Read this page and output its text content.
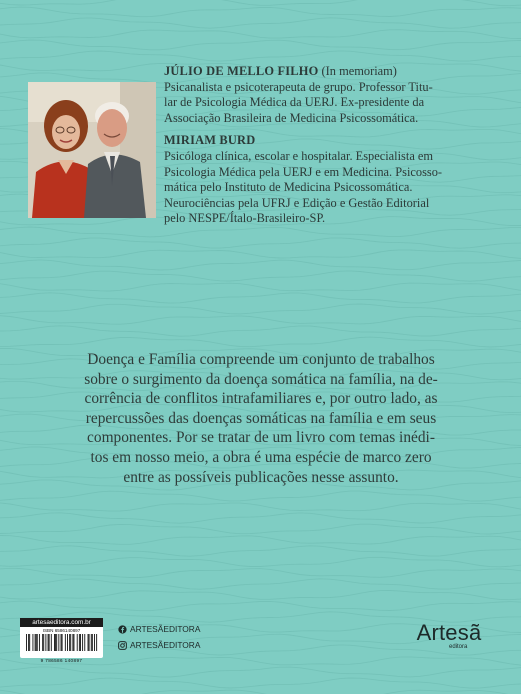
JÚLIO DE MELLO FILHO (In memoriam)

Psicanalista e psicoterapeuta de grupo. Professor Titu-

lar de Psicologia Médica da UERJ. Ex-presidente da

Associação Brasileira de Medicina Psicossomática.

MIRIAM BURD

Psicóloga clínica, escolar e hospitalar. Especialista em

Psicologia Médica pela UERJ e em Medicina. Psicosso-

mática pelo Instituto de Medicina Psicossomática.

Neurociências pela UFRJ e Edição e Gestão Editorial

pelo NESPE/Ítalo-Brasileiro-SP.

Doença e Família compreende um conjunto de trabalhos
sobre o surgimento da doença somática na família, na de-
corrência de conflitos intrafamiliares e, por outro lado, as
repercussões das doenças somáticas na família e em seus
componentes. Por se tratar de um livro com temas inédi-
tos em nosso meio, a obra é uma espécie de marco zero
entre as possíveis publicações nesse assunto.
artesaeditora.com.br
ISBN 6586140897
9 786586 140897
ARTESÃEDITORA
ARTESÃEDITORA	Artesã
editora
